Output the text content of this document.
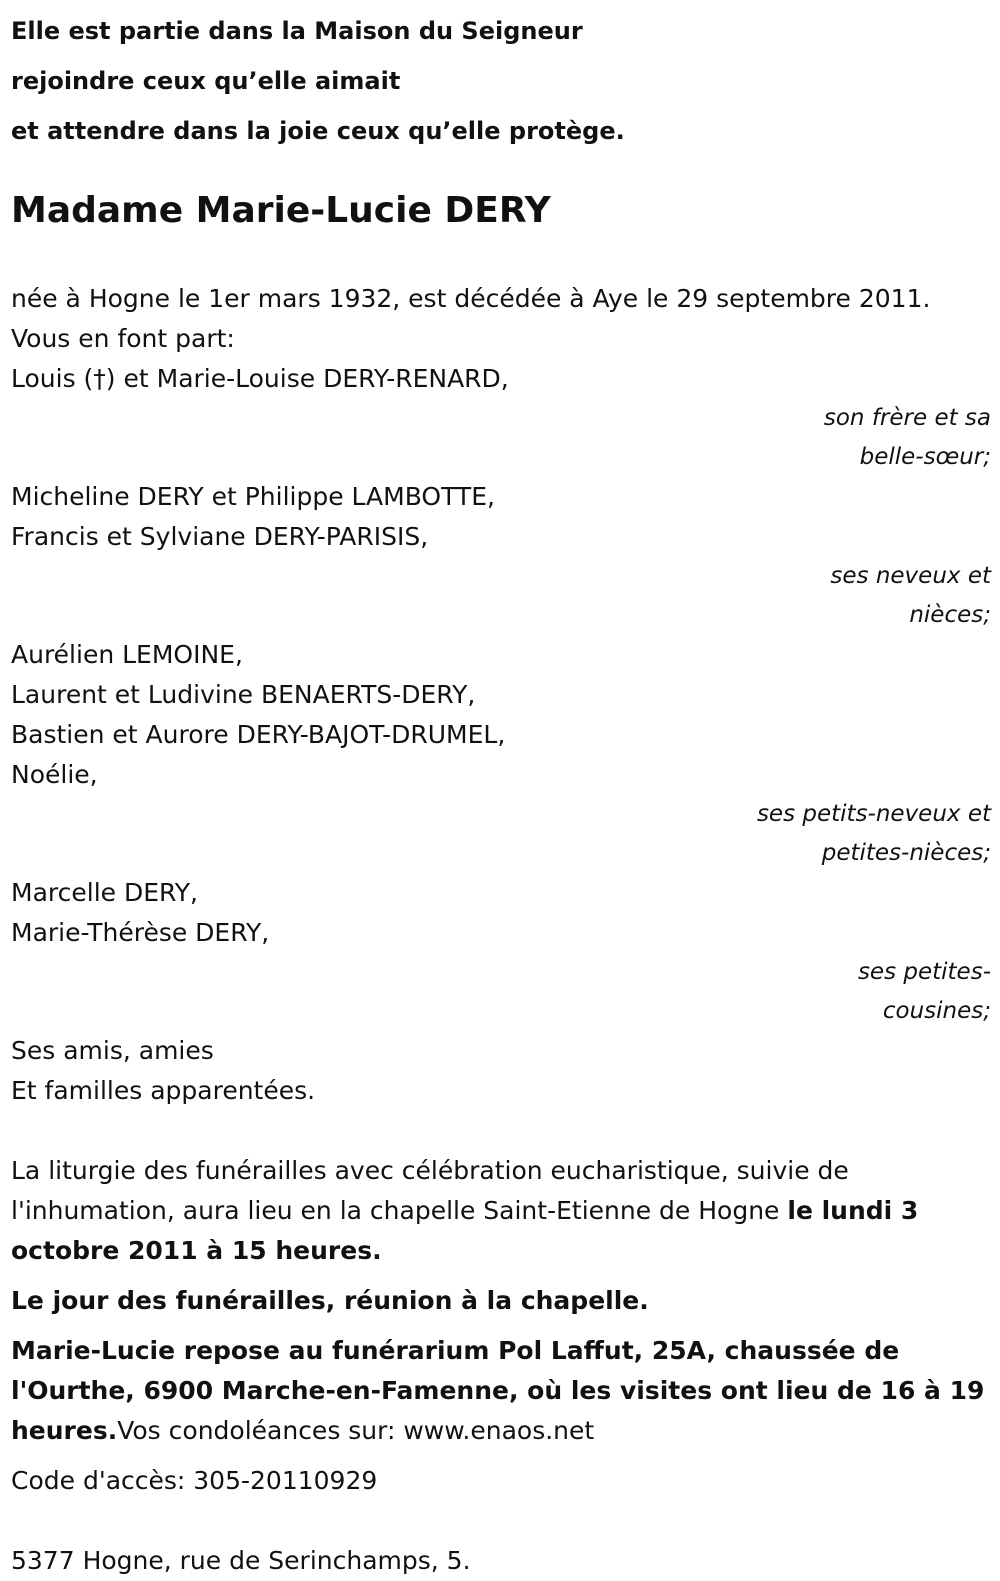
Elle est partie dans la Maison du Seigneur
rejoindre ceux qu’elle aimait
et attendre dans la joie ceux qu’elle protège.
Madame Marie-Lucie DERY
née à Hogne le 1er mars 1932, est décédée à Aye le 29 septembre 2011.
Vous en font part:
Louis (†) et Marie-Louise DERY-RENARD,
son frère et sa
belle-sœur;
Micheline DERY et Philippe LAMBOTTE,
Francis et Sylviane DERY-PARISIS,
ses neveux et
nièces;
Aurélien LEMOINE,
Laurent et Ludivine BENAERTS-DERY,
Bastien et Aurore DERY-BAJOT-DRUMEL,
Noélie,
ses petits-neveux et
petites-nièces;
Marcelle DERY,
Marie-Thérèse DERY,
ses petites-
cousines;
Ses amis, amies
Et familles apparentées.
La liturgie des funérailles avec célébration eucharistique, suivie de
l'inhumation, aura lieu en la chapelle Saint-Etienne de Hogne le lundi 3
octobre 2011 à 15 heures.
Le jour des funérailles, réunion à la chapelle.
Marie-Lucie repose au funérarium Pol Laffut, 25A, chaussée de
l'Ourthe, 6900 Marche-en-Famenne, où les visites ont lieu de 16 à 19
heures.Vos condoléances sur: www.enaos.net
Code d'accès: 305-20110929
5377 Hogne, rue de Serinchamps, 5.
